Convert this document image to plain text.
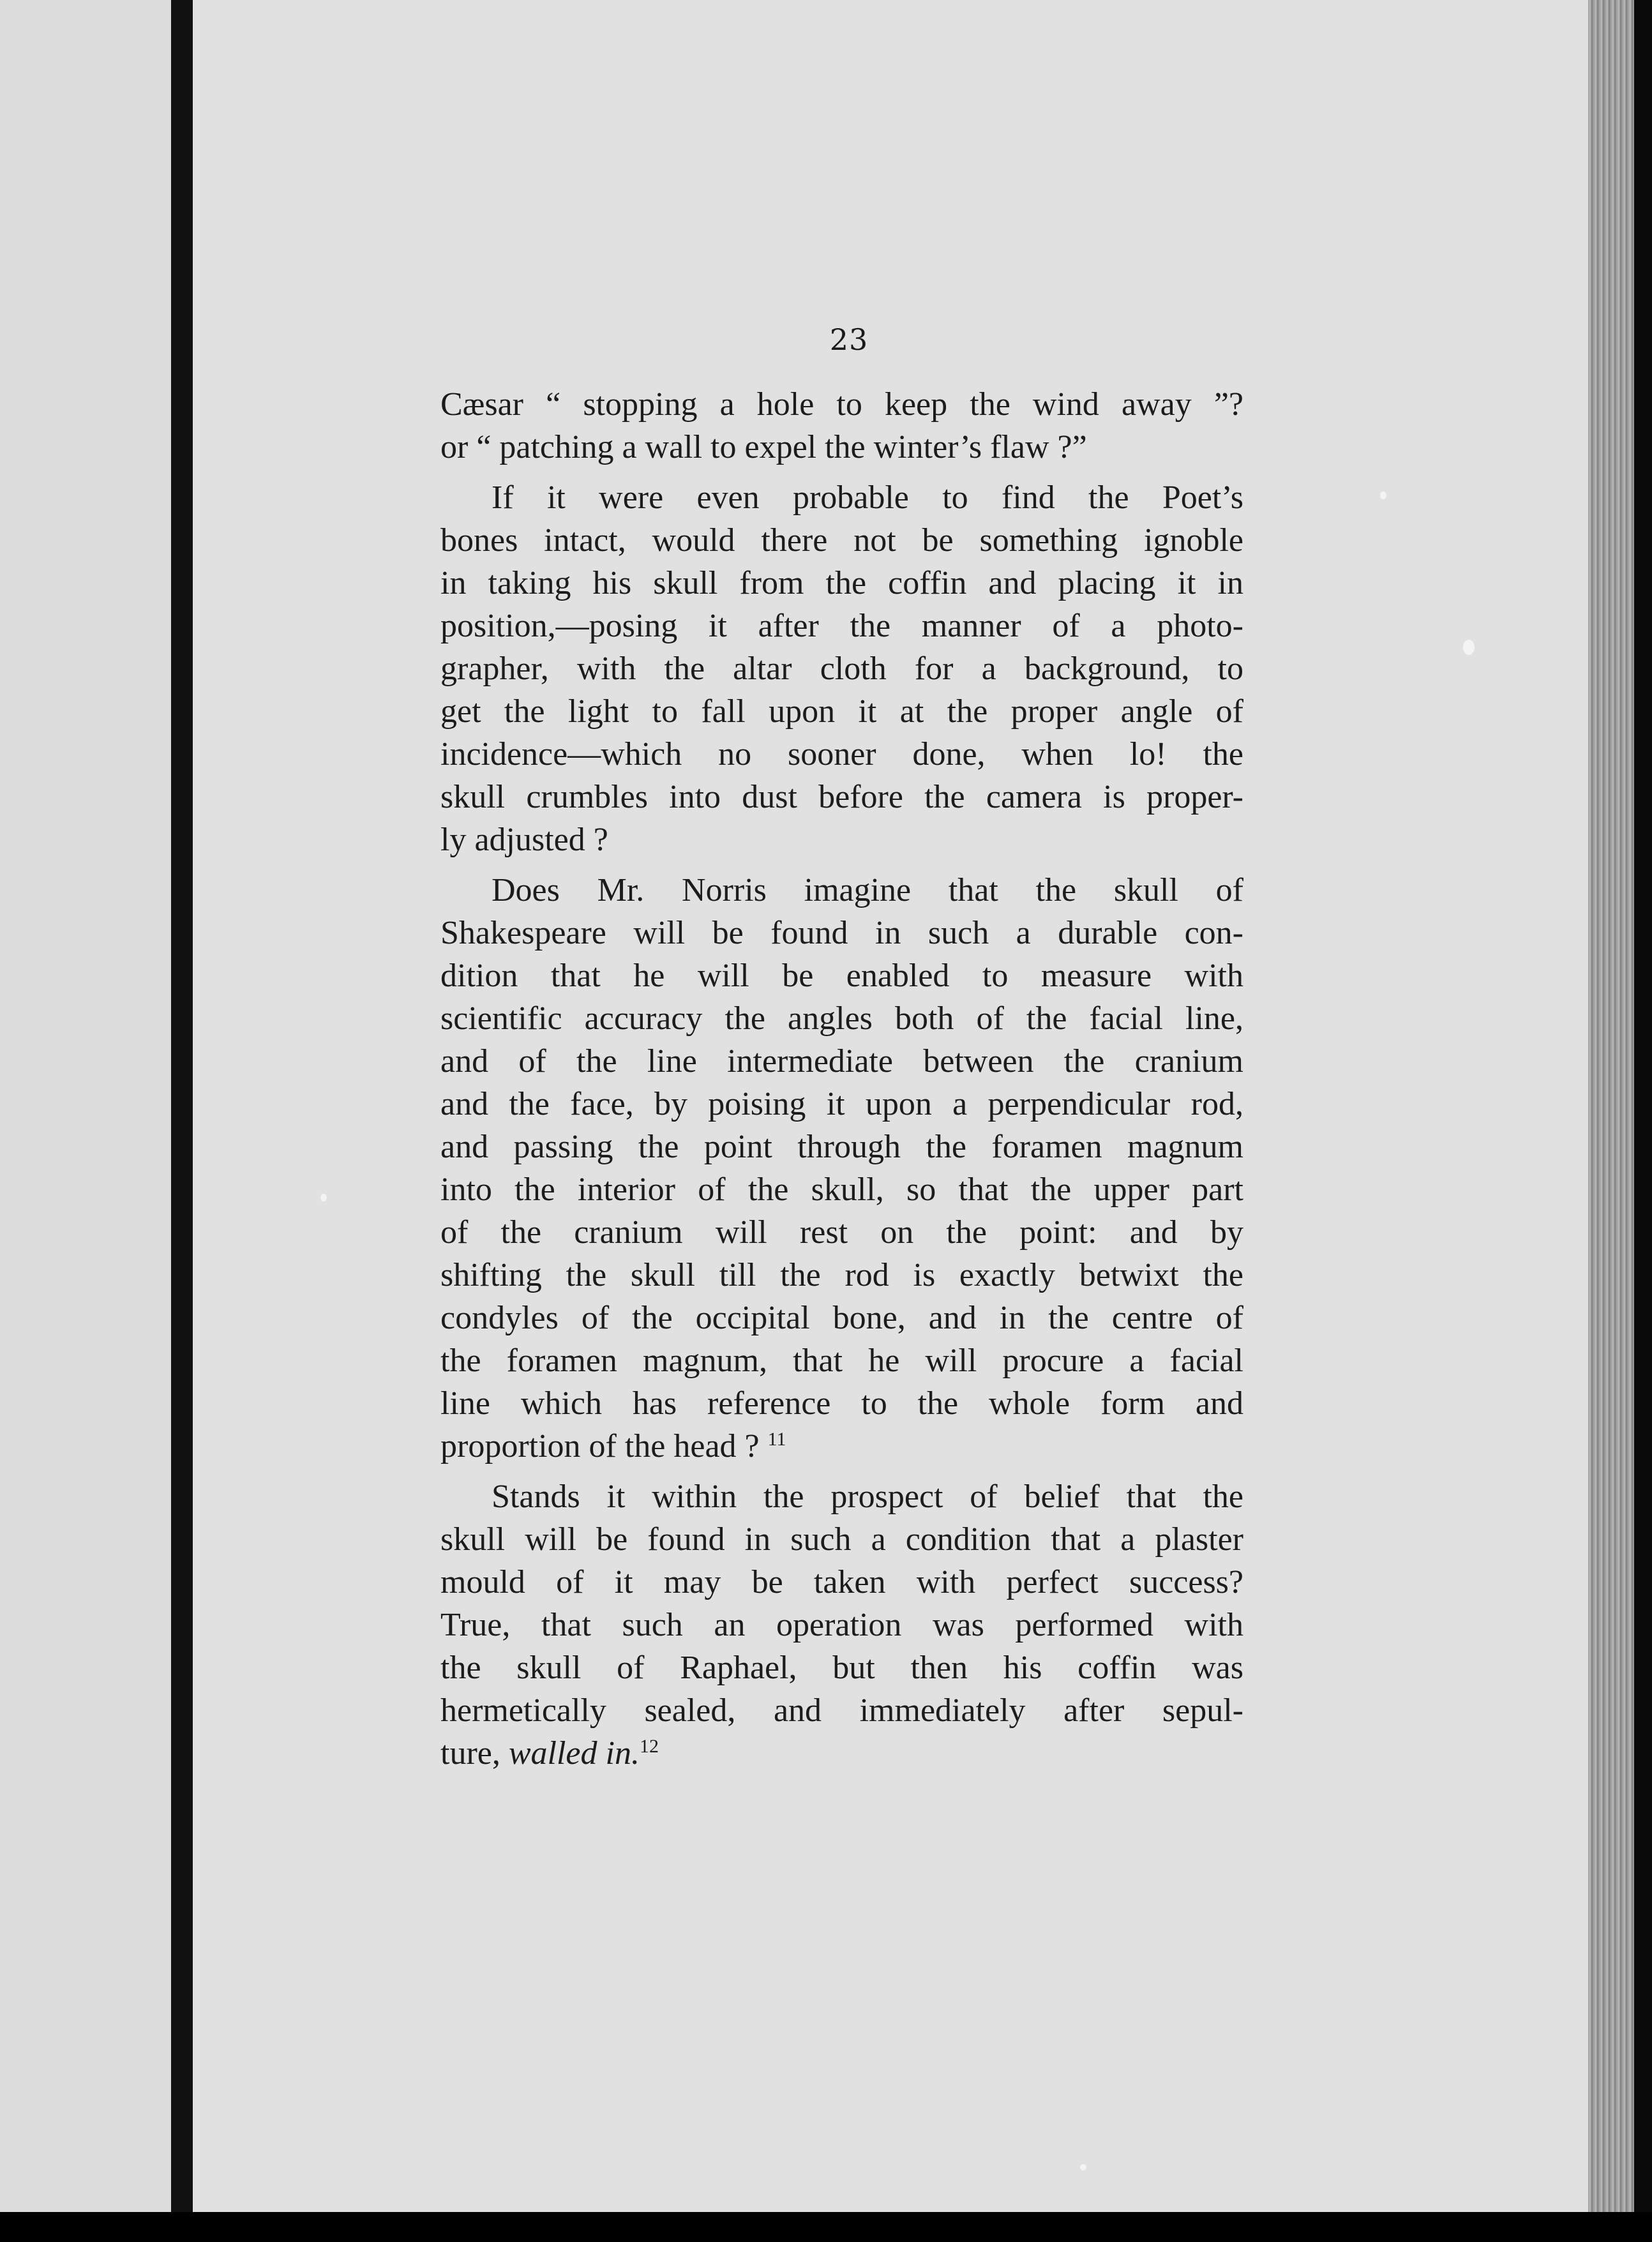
23

Cæsar “ stopping a hole to keep the wind away ”?
or “ patching a wall to expel the winter’s flaw ?”

If it were even probable to find the Poet’s
bones intact, would there not be something ignoble
in taking his skull from the coffin and placing it in
position,—posing it after the manner of a photo-
grapher, with the altar cloth for a background, to
get the light to fall upon it at the proper angle of
incidence—which no sooner done, when lo! the
skull crumbles into dust before the camera is proper-
ly adjusted ?

Does Mr. Norris imagine that the skull of
Shakespeare will be found in such a durable con-
dition that he will be enabled to measure with
scientific accuracy the angles both of the facial line,
and of the line intermediate between the cranium
and the face, by poising it upon a perpendicular rod,
and passing the point through the foramen magnum
into the interior of the skull, so that the upper part
of the cranium will rest on the point: and by
shifting the skull till the rod is exactly betwixt the
condyles of the occipital bone, and in the centre of
the foramen magnum, that he will procure a facial
line which has reference to the whole form and
proportion of the head ? $^{11}$

Stands it within the prospect of belief that the
skull will be found in such a condition that a plaster
mould of it may be taken with perfect success?
True, that such an operation was performed with
the skull of Raphael, but then his coffin was
hermetically sealed, and immediately after sepul-
ture, walled in.$^{12}$
